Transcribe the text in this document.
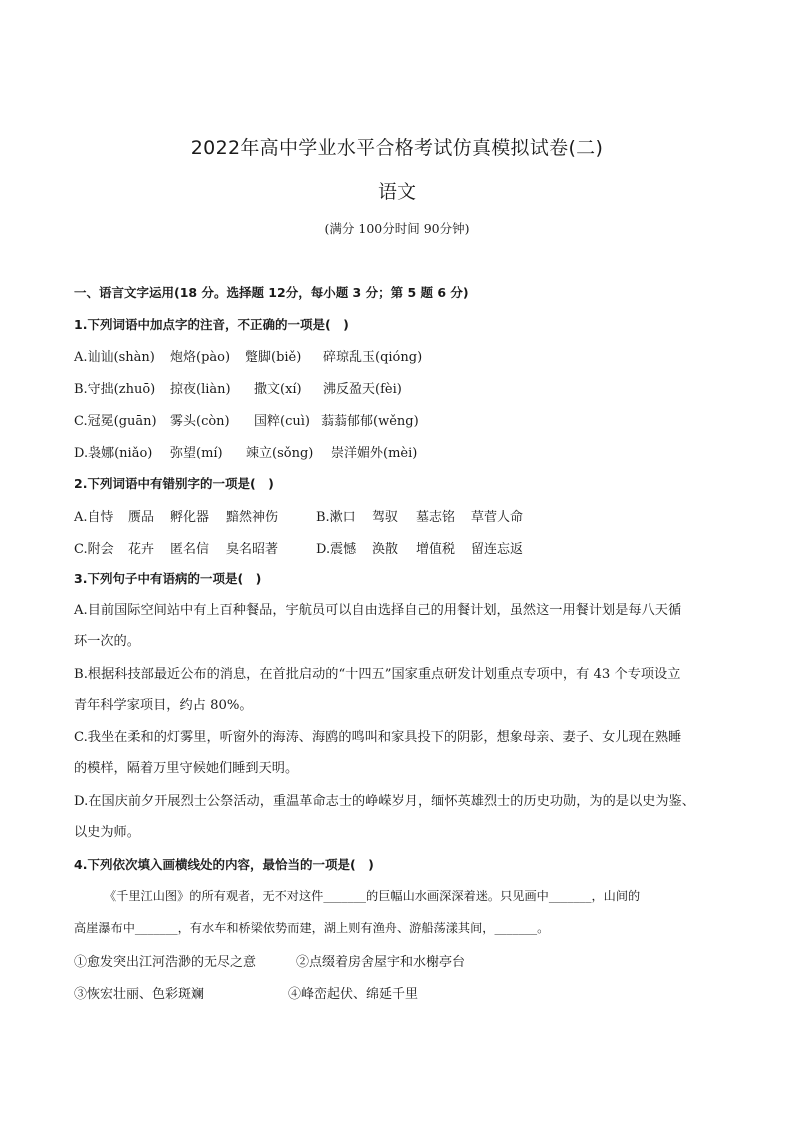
2022年高中学业水平合格考试仿真模拟试卷(二)
语文
(满分 100分时间 90分钟)
一、语言文字运用(18 分。选择题 12分，每小题 3 分；第 5 题 6 分)
1.下列词语中加点字的注音，不正确的一项是(　)
A.讪讪(shàn) 炮烙(pào) 蹩脚(biě) 碎琼乱玉(qióng)
B.守拙(zhuō) 掠夜(liàn) 撒文(xí) 沸反盈天(fèi)
C.冠冕(guān) 雾头(còn) 国粹(cuì) 蓊蓊郁郁(wěng)
D.袅娜(niǎo) 弥望(mí) 竦立(sǒng) 崇洋媚外(mèi)
2.下列词语中有错别字的一项是(　)
A.自恃 赝品 孵化器 黯然神伤	B.漱口 驾驭 墓志铭 草菅人命
C.附会 花卉 匿名信 臭名昭著	D.震憾 涣散 增值税 留连忘返
3.下列句子中有语病的一项是(　)
A.目前国际空间站中有上百种餐品，宇航员可以自由选择自己的用餐计划，虽然这一用餐计划是每八天循
环一次的。
B.根据科技部最近公布的消息，在首批启动的“十四五”国家重点研发计划重点专项中，有 43 个专项设立
青年科学家项目，约占 80%。
C.我坐在柔和的灯雾里，听窗外的海涛、海鸥的鸣叫和家具投下的阴影，想象母亲、妻子、女儿现在熟睡
的模样，隔着万里守候她们睡到天明。
D.在国庆前夕开展烈士公祭活动，重温革命志士的峥嵘岁月，缅怀英雄烈士的历史功勋，为的是以史为鉴、
以史为师。
4.下列依次填入画横线处的内容，最恰当的一项是(　)
《千里江山图》的所有观者，无不对这件_______的巨幅山水画深深着迷。只见画中_______，山间的
高崖瀑布中_______，有水车和桥梁依势而建，湖上则有渔舟、游船荡漾其间，_______。
①愈发突出江河浩渺的无尽之意	②点缀着房舍屋宇和水榭亭台
③恢宏壮丽、色彩斑斓	④峰峦起伏、绵延千里
